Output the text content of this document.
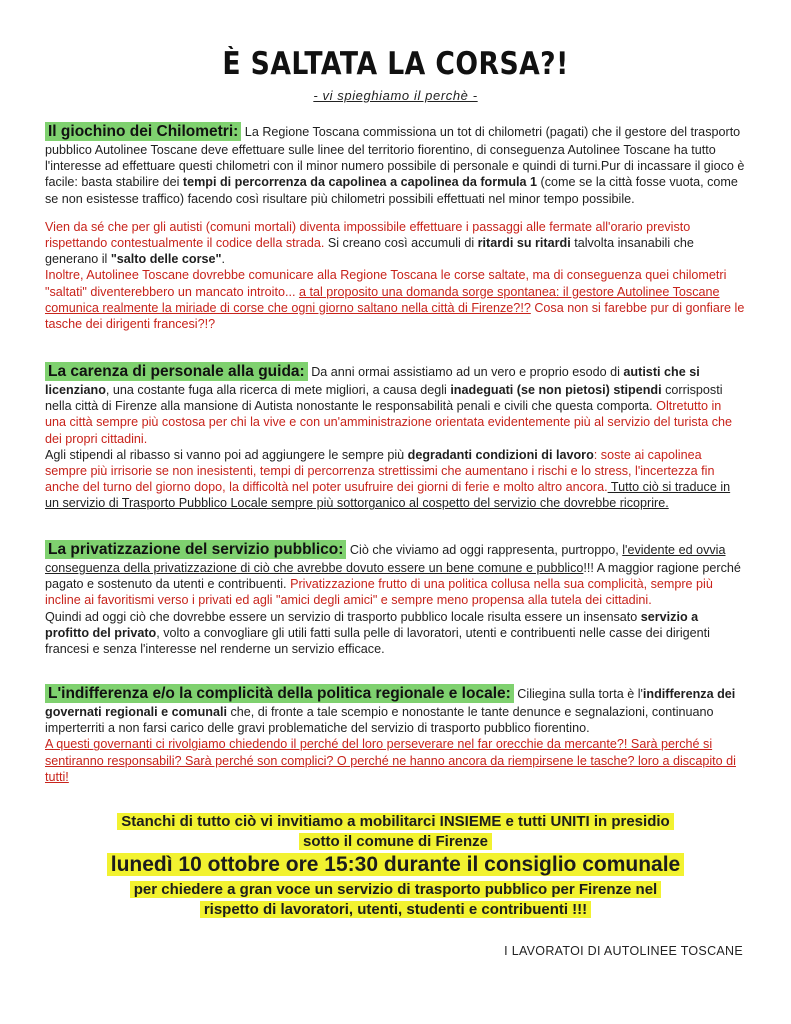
È SALTATA LA CORSA?!
- vi spieghiamo il perchè -
Il giochino dei Chilometri: La Regione Toscana commissiona un tot di chilometri (pagati) che il gestore del trasporto pubblico Autolinee Toscane deve effettuare sulle linee del territorio fiorentino, di conseguenza Autolinee Toscane ha tutto l'interesse ad effettuare questi chilometri con il minor numero possibile di personale e quindi di turni.Pur di incassare il gioco è facile: basta stabilire dei tempi di percorrenza da capolinea a capolinea da formula 1 (come se la città fosse vuota, come se non esistesse traffico) facendo così risultare più chilometri possibili effettuati nel minor tempo possibile.
Vien da sé che per gli autisti (comuni mortali) diventa impossibile effettuare i passaggi alle fermate all'orario previsto rispettando contestualmente il codice della strada. Si creano così accumuli di ritardi su ritardi talvolta insanabili che generano il "salto delle corse".
Inoltre, Autolinee Toscane dovrebbe comunicare alla Regione Toscana le corse saltate, ma di conseguenza quei chilometri "saltati" diventerebbero un mancato introito... a tal proposito una domanda sorge spontanea: il gestore Autolinee Toscane comunica realmente la miriade di corse che ogni giorno saltano nella città di Firenze?!? Cosa non si farebbe pur di gonfiare le tasche dei dirigenti francesi?!?
La carenza di personale alla guida: Da anni ormai assistiamo ad un vero e proprio esodo di autisti che si licenziano, una costante fuga alla ricerca di mete migliori, a causa degli inadeguati (se non pietosi) stipendi corrisposti nella città di Firenze alla mansione di Autista nonostante le responsabilità penali e civili che questa comporta. Oltretutto in una città sempre più costosa per chi la vive e con un'amministrazione orientata evidentemente più al servizio del turista che dei propri cittadini.
Agli stipendi al ribasso si vanno poi ad aggiungere le sempre più degradanti condizioni di lavoro: soste ai capolinea sempre più irrisorie se non inesistenti, tempi di percorrenza strettissimi che aumentano i rischi e lo stress, l'incertezza fin anche del turno del giorno dopo, la difficoltà nel poter usufruire dei giorni di ferie e molto altro ancora. Tutto ciò si traduce in un servizio di Trasporto Pubblico Locale sempre più sottorganico al cospetto del servizio che dovrebbe ricoprire.
La privatizzazione del servizio pubblico: Ciò che viviamo ad oggi rappresenta, purtroppo, l'evidente ed ovvia conseguenza della privatizzazione di ciò che avrebbe dovuto essere un bene comune e pubblico!!! A maggior ragione perché pagato e sostenuto da utenti e contribuenti. Privatizzazione frutto di una politica collusa nella sua complicità, sempre più incline ai favoritismi verso i privati ed agli "amici degli amici" e sempre meno propensa alla tutela dei cittadini.
Quindi ad oggi ciò che dovrebbe essere un servizio di trasporto pubblico locale risulta essere un insensato servizio a profitto del privato, volto a convogliare gli utili fatti sulla pelle di lavoratori, utenti e contribuenti nelle casse dei dirigenti francesi e senza l'interesse nel renderne un servizio efficace.
L'indifferenza e/o la complicità della politica regionale e locale: Ciliegina sulla torta è l'indifferenza dei governati regionali e comunali che, di fronte a tale scempio e nonostante le tante denunce e segnalazioni, continuano imperterriti a non farsi carico delle gravi problematiche del servizio di trasporto pubblico fiorentino.
A questi governanti ci rivolgiamo chiedendo il perché del loro perseverare nel far orecchie da mercante?! Sarà perché si sentiranno responsabili? Sarà perché son complici? O perché ne hanno ancora da riempirsene le tasche? loro a discapito di tutti!
Stanchi di tutto ciò vi invitiamo a mobilitarci INSIEME e tutti UNITI in presidio
sotto il comune di Firenze
lunedì 10 ottobre ore 15:30 durante il consiglio comunale
per chiedere a gran voce un servizio di trasporto pubblico per Firenze nel
rispetto di lavoratori, utenti, studenti e contribuenti !!!
I LAVORATOI DI AUTOLINEE TOSCANE
